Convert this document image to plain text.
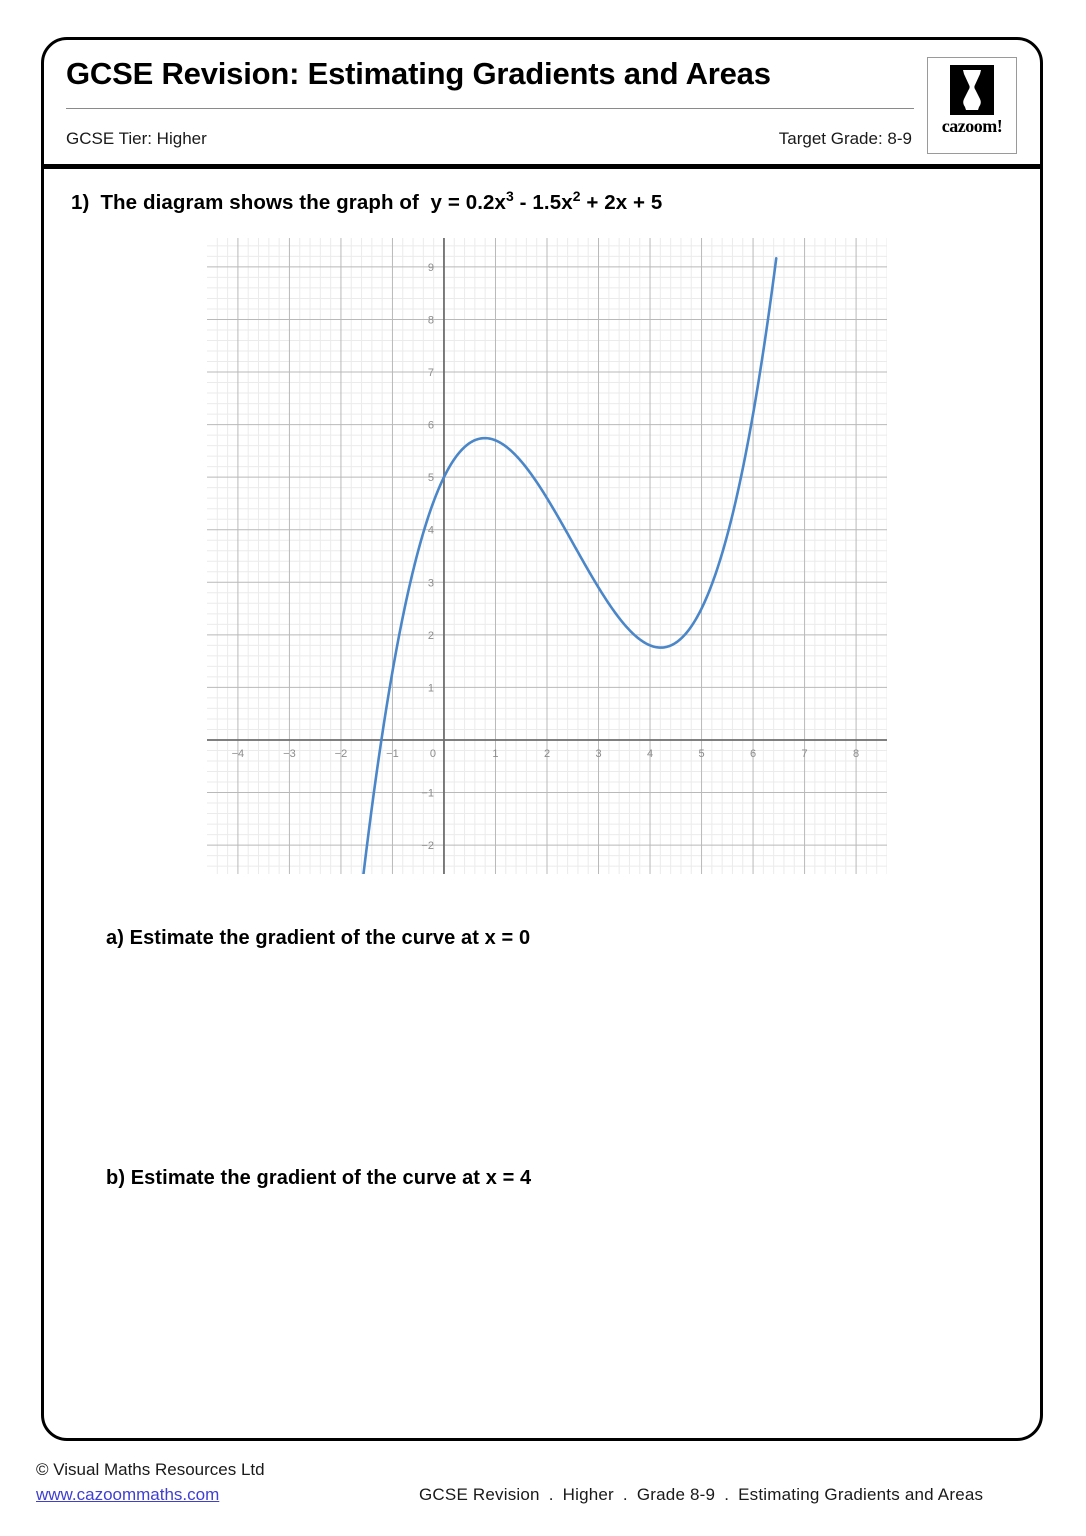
GCSE Revision: Estimating Gradients and Areas
GCSE Tier: Higher	Target Grade: 8-9
cazoom!
1) The diagram shows the graph of $y = 0.2x^3 - 1.5x^2 + 2x + 5$
−4	−3	−2	−1	0	1	2	3	4	5	6	7	8
−2
−1
1
2
3
4
5
6
7
8
9
a) Estimate the gradient of the curve at x = 0
b) Estimate the gradient of the curve at x = 4
© Visual Maths Resources Ltd
www.cazoommaths.com	GCSE Revision . Higher . Grade 8-9 . Estimating Gradients and Areas
